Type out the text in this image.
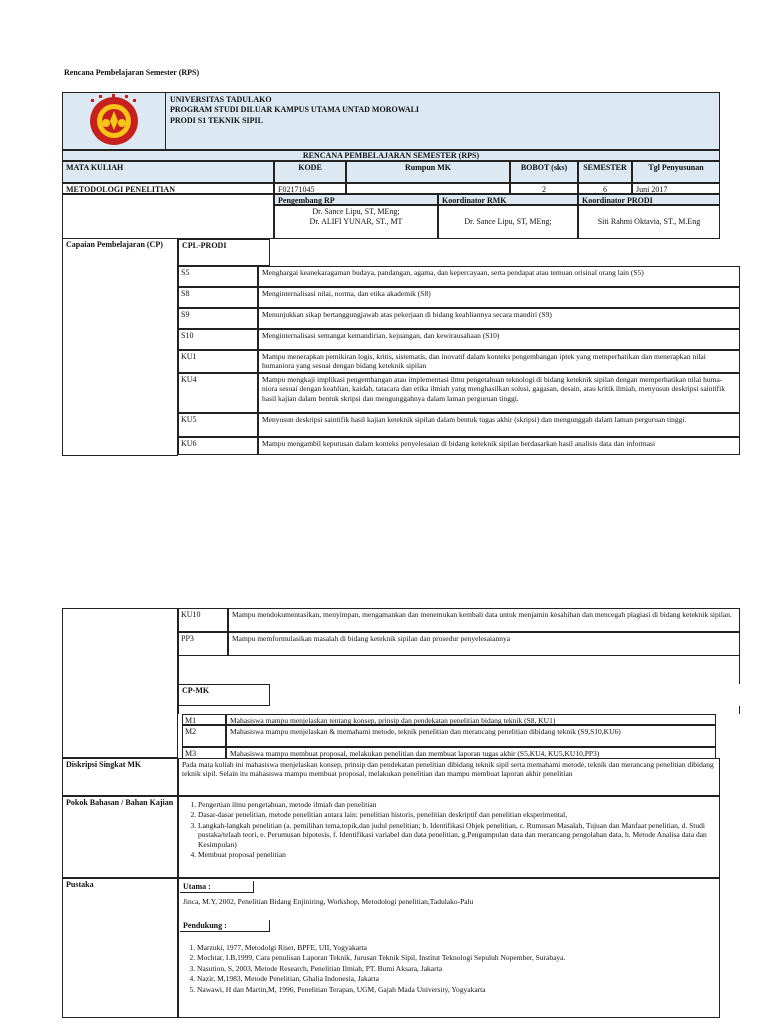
Rencana Pembelajaran Semester (RPS)
UNIVERSITAS TADULAKO
PROGRAM STUDI DILUAR KAMPUS UTAMA UNTAD MOROWALI
PRODI S1 TEKNIK SIPIL
RENCANA PEMBELAJARAN SEMESTER (RPS)
MATA KULIAH	KODE	Rumpun MK	BOBOT (sks)	SEMESTER	Tgl Penyusunan
METODOLOGI PENELITIAN	F02171045	2	6	Juni 2017
Pengembang RP	Koordinator RMK	Koordinator PRODI
Dr. Sance Lipu, ST, MEng;
Dr. ALIFI YUNAR, ST., MT	Dr. Sance Lipu, ST, MEng;	Siti Rahmi Oktavia, ST., M.Eng
Capaian Pembelajaran (CP)	CPL-PRODI
S5	Menghargai keanekaragaman budaya, pandangan, agama, dan kepercayaan, serta pendapat atau temuan orisinal orang lain (S5)
S8	Menginternalisasi nilai, norma, dan etika akademik (S8)
S9	Menunjukkan sikap bertanggungjawab atas pekerjaan di bidang keahliannya secara mandiri (S9)
S10	Menginternalisasi semangat kemandirian, kejuangan, dan kewirausahaan (S10)
KU1	Mampu menerapkan pemikiran logis, kritis, sistematis, dan inovatif dalam konteks pengembangan iptek yang memperhatikan dan menerapkan nilai humaniora yang sesuai dengan bidang keteknik sipilan
KU4	Mampu mengkaji implikasi pengembangan atau implementasi ilmu pengetahuan teknologi di bidang keteknik sipilan dengan memperhatikan nilai huma-niora sesuai dengan keahlian, kaidah, tatacara dan etika ilmiah yang menghasilkan solusi, gagasan, desain, atau kritik ilmiah, menyusun deskripsi saintifik hasil kajian dalam bentuk skripsi dan mengunggahnya dalam laman perguruan tinggi.
KU5	Menyusun deskripsi saintifik hasil kajian keteknik sipilan dalam bentuk tugas akhir (skripsi) dan mengunggah dalam laman perguruan tinggi.
KU6	Mampu mengambil keputusan dalam konteks penyelesaian di bidang keteknik sipilan berdasarkan hasil analisis data dan informasi
KU10	Mampu mendokumentasikan, menyimpan, mengamankan dan menemukan kembali data untuk menjamin kesahihan dan mencegah plagiasi di bidang keteknik sipilan.
PP3	Mampu memformulasikan masalah di bidang keteknik sipilan dan prosedur penyelesaiannya
CP-MK
M1	Mahasiswa mampu menjelaskan tentang konsep, prinsip dan pendekatan penelitian bidang teknik (S8, KU1)
M2	Mahasiswa mampu menjelaskan & memahami metode, teknik penelitian dan merancang penelitian dibidang teknik (S9,S10,KU6)
M3	Mahasiswa mampu membuat proposal, melakukan penelitian dan membuat laporan tugas akhir (S5,KU4, KU5,KU10,PP3)
Diskripsi Singkat MK	Pada mata kuliah ini mahasiswa menjelaskan konsep, prinsip dan pendekatan penelitian dibidang teknik sipil serta memahami metode, teknik dan merancang penelitian dibidang teknik sipil. Selain itu mahasiswa mampu membuat proposal, melakukan penelitian dan mampu membuat laporan akhir penelitian
Pokok Bahasan / Bahan Kajian
1.	Pengertian ilmu pengetahuan, metode ilmiah dan penelitian
2. Dasar-dasar penelitian, metode penelitian antara lain: penelitian historis, penelitian deskriptif dan penelitian eksperimental,
3. Langkah-langkah penelitian (a. pemilihan tema,topik,dan judul penelitian; b. Identifikasi Objek penelitian, c. Rumusan Masalah, Tujuan dan Manfaat penelitian, d. Studi pustaka/telaah teori, e. Perumusan hipotesis, f. Identifikasi variabel dan data penelitian, g.Pengumpulan data dan merancang pengolahan data, h. Metode Analisa data dan Kesimpulan)
4. Membuat proposal penelitian
Pustaka	Utama :
Jinca, M.Y, 2002, Penelitian Bidang Enjiniring, Workshop, Metodologi penelitian,Tadulako-Palu
Pendukung :
1. Marzuki, 1977, Metodolgi Riset, BPFE, UII, Yogyakarta
2. Mochtar, I.B,1999, Cara penulisan Laporan Teknik, Jurusan Teknik Sipil, Institut Teknologi Sepuluh Nopember, Surabaya.
3. Nasution, S, 2003, Metode Research, Penelitian Ilmiah, PT. Bumi Aksara, Jakarta
4. Nazir, M,1983, Metode Penelitian, Ghalia Indonesia, Jakarta
5. Nawawi, H dan Martin,M, 1996, Penelitian Terapan, UGM, Gajah Mada University, Yogyakarta
